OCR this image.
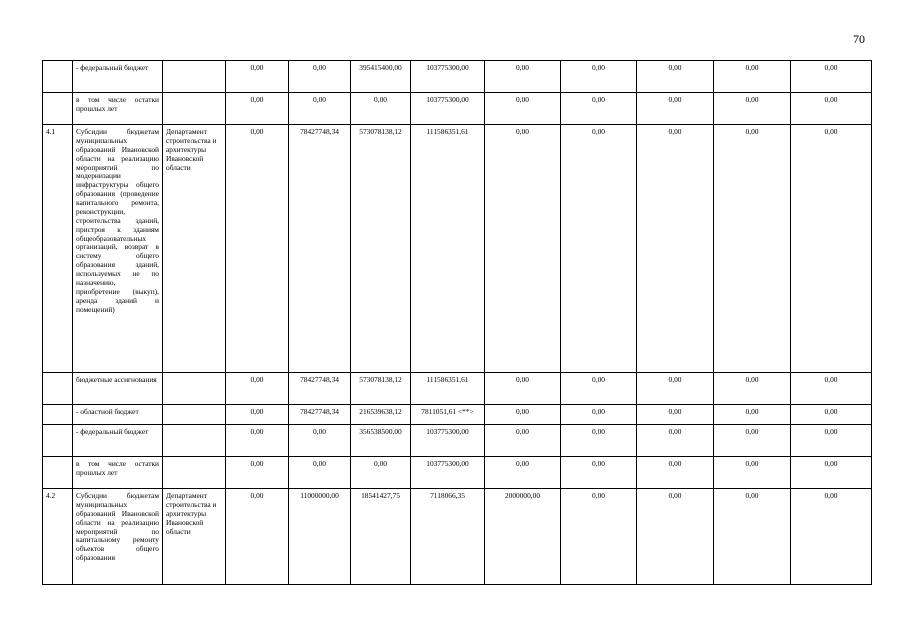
70
	- федеральный бюджет		0,00	0,00	395415400,00	103775300,00	0,00	0,00	0,00	0,00	0,00
	в том числе остатки прошлых лет		0,00	0,00	0,00	103775300,00	0,00	0,00	0,00	0,00	0,00
4.1	Субсидии бюджетам муниципальных образований Ивановской области на реализацию мероприятий по модернизации инфраструктуры общего образования (проведение капитального ремонта, реконструкции, строительства зданий, пристроя к зданиям общеобразовательных организаций, возврат в систему общего образования зданий, используемых не по назначению, приобретение (выкуп), аренда зданий и помещений)	Департамент строительства и архитектуры Ивановской области	0,00	78427748,34	573078138,12	111586351,61	0,00	0,00	0,00	0,00	0,00
	бюджетные ассигнования		0,00	78427748,34	573078138,12	111586351,61	0,00	0,00	0,00	0,00	0,00
	- областной бюджет		0,00	78427748,34	216539638,12	7811051,61 <**>	0,00	0,00	0,00	0,00	0,00
	- федеральный бюджет		0,00	0,00	356538500,00	103775300,00	0,00	0,00	0,00	0,00	0,00
	в том числе остатки прошлых лет		0,00	0,00	0,00	103775300,00	0,00	0,00	0,00	0,00	0,00
4.2	Субсидии бюджетам муниципальных образований Ивановской области на реализацию мероприятий по капитальному ремонту объектов общего образования	Департамент строительства и архитектуры Ивановской области	0,00	11000000,00	18541427,75	7118066,35	2000000,00	0,00	0,00	0,00	0,00
